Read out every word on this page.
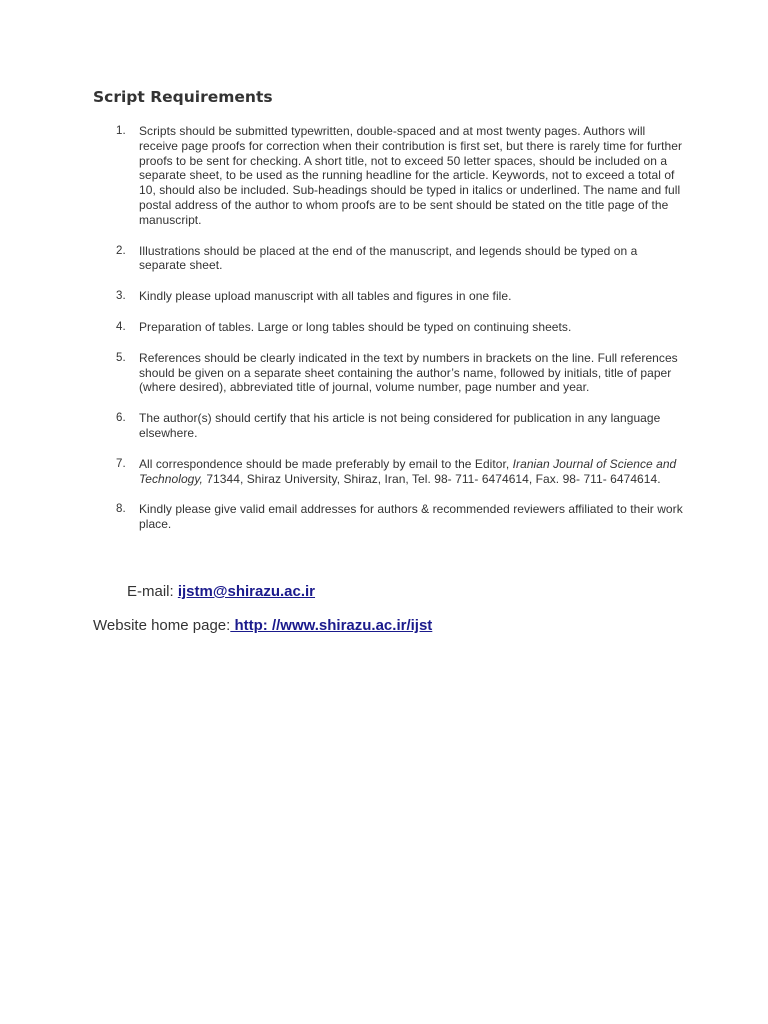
Script Requirements
1. Scripts should be submitted typewritten, double-spaced and at most twenty pages. Authors will receive page proofs for correction when their contribution is first set, but there is rarely time for further proofs to be sent for checking. A short title, not to exceed 50 letter spaces, should be included on a separate sheet, to be used as the running headline for the article. Keywords, not to exceed a total of 10, should also be included. Sub-headings should be typed in italics or underlined. The name and full postal address of the author to whom proofs are to be sent should be stated on the title page of the manuscript.
2. Illustrations should be placed at the end of the manuscript, and legends should be typed on a separate sheet.
3. Kindly please upload manuscript with all tables and figures in one file.
4. Preparation of tables. Large or long tables should be typed on continuing sheets.
5. References should be clearly indicated in the text by numbers in brackets on the line. Full references should be given on a separate sheet containing the author’s name, followed by initials, title of paper (where desired), abbreviated title of journal, volume number, page number and year.
6. The author(s) should certify that his article is not being considered for publication in any language elsewhere.
7. All correspondence should be made preferably by email to the Editor, Iranian Journal of Science and Technology, 71344, Shiraz University, Shiraz, Iran, Tel. 98- 711- 6474614, Fax. 98- 711- 6474614.
8. Kindly please give valid email addresses for authors & recommended reviewers affiliated to their work place.
E-mail: ijstm@shirazu.ac.ir
Website home page: http: //www.shirazu.ac.ir/ijst
